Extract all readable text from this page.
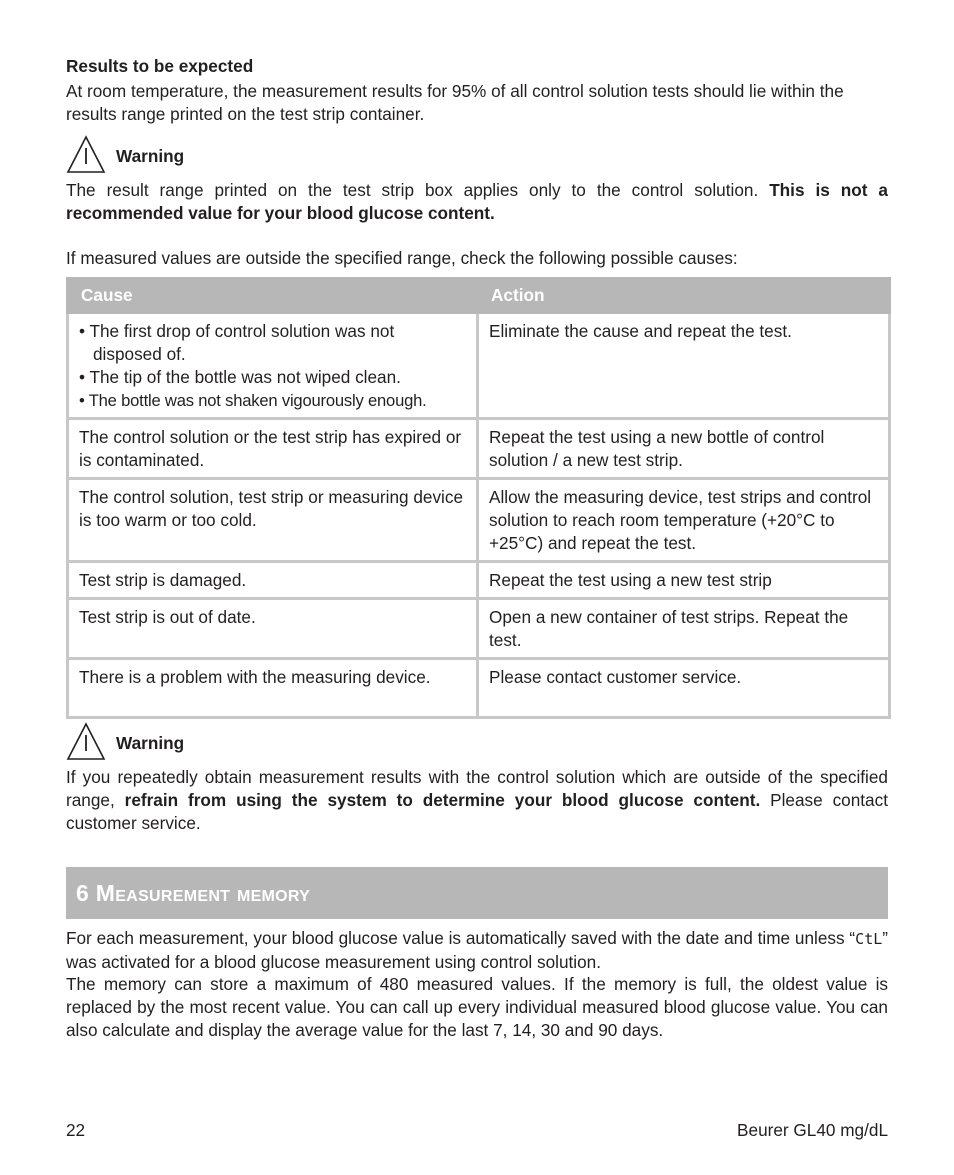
Results to be expected

At room temperature, the measurement results for 95% of all control solution tests should lie within the results range printed on the test strip container.

Warning

The result range printed on the test strip box applies only to the control solution. This is not a recommended value for your blood glucose content.

If measured values are outside the specified range, check the following possible causes:

Cause	Action

• The first drop of control solution was not disposed of.
• The tip of the bottle was not wiped clean.
• The bottle was not shaken vigourously enough.	Eliminate the cause and repeat the test.
The control solution or the test strip has expired or is contaminated.	Repeat the test using a new bottle of control solution / a new test strip.
The control solution, test strip or measuring device is too warm or too cold.	Allow the measuring device, test strips and control solution to reach room temperature (+20°C to +25°C) and repeat the test.
Test strip is damaged.	Repeat the test using a new test strip
Test strip is out of date.	Open a new container of test strips. Repeat the test.
There is a problem with the measuring device.	Please contact customer service.
Warning

If you repeatedly obtain measurement results with the control solution which are outside of the specified range, refrain from using the system to determine your blood glucose content. Please contact customer service.

6 Measurement memory

For each measurement, your blood glucose value is automatically saved with the date and time unless “CtL” was activated for a blood glucose measurement using control solution.

The memory can store a maximum of 480 measured values. If the memory is full, the oldest value is replaced by the most recent value. You can call up every individual measured blood glucose value. You can also calculate and display the average value for the last 7, 14, 30 and 90 days.

22	Beurer GL40 mg/dL
